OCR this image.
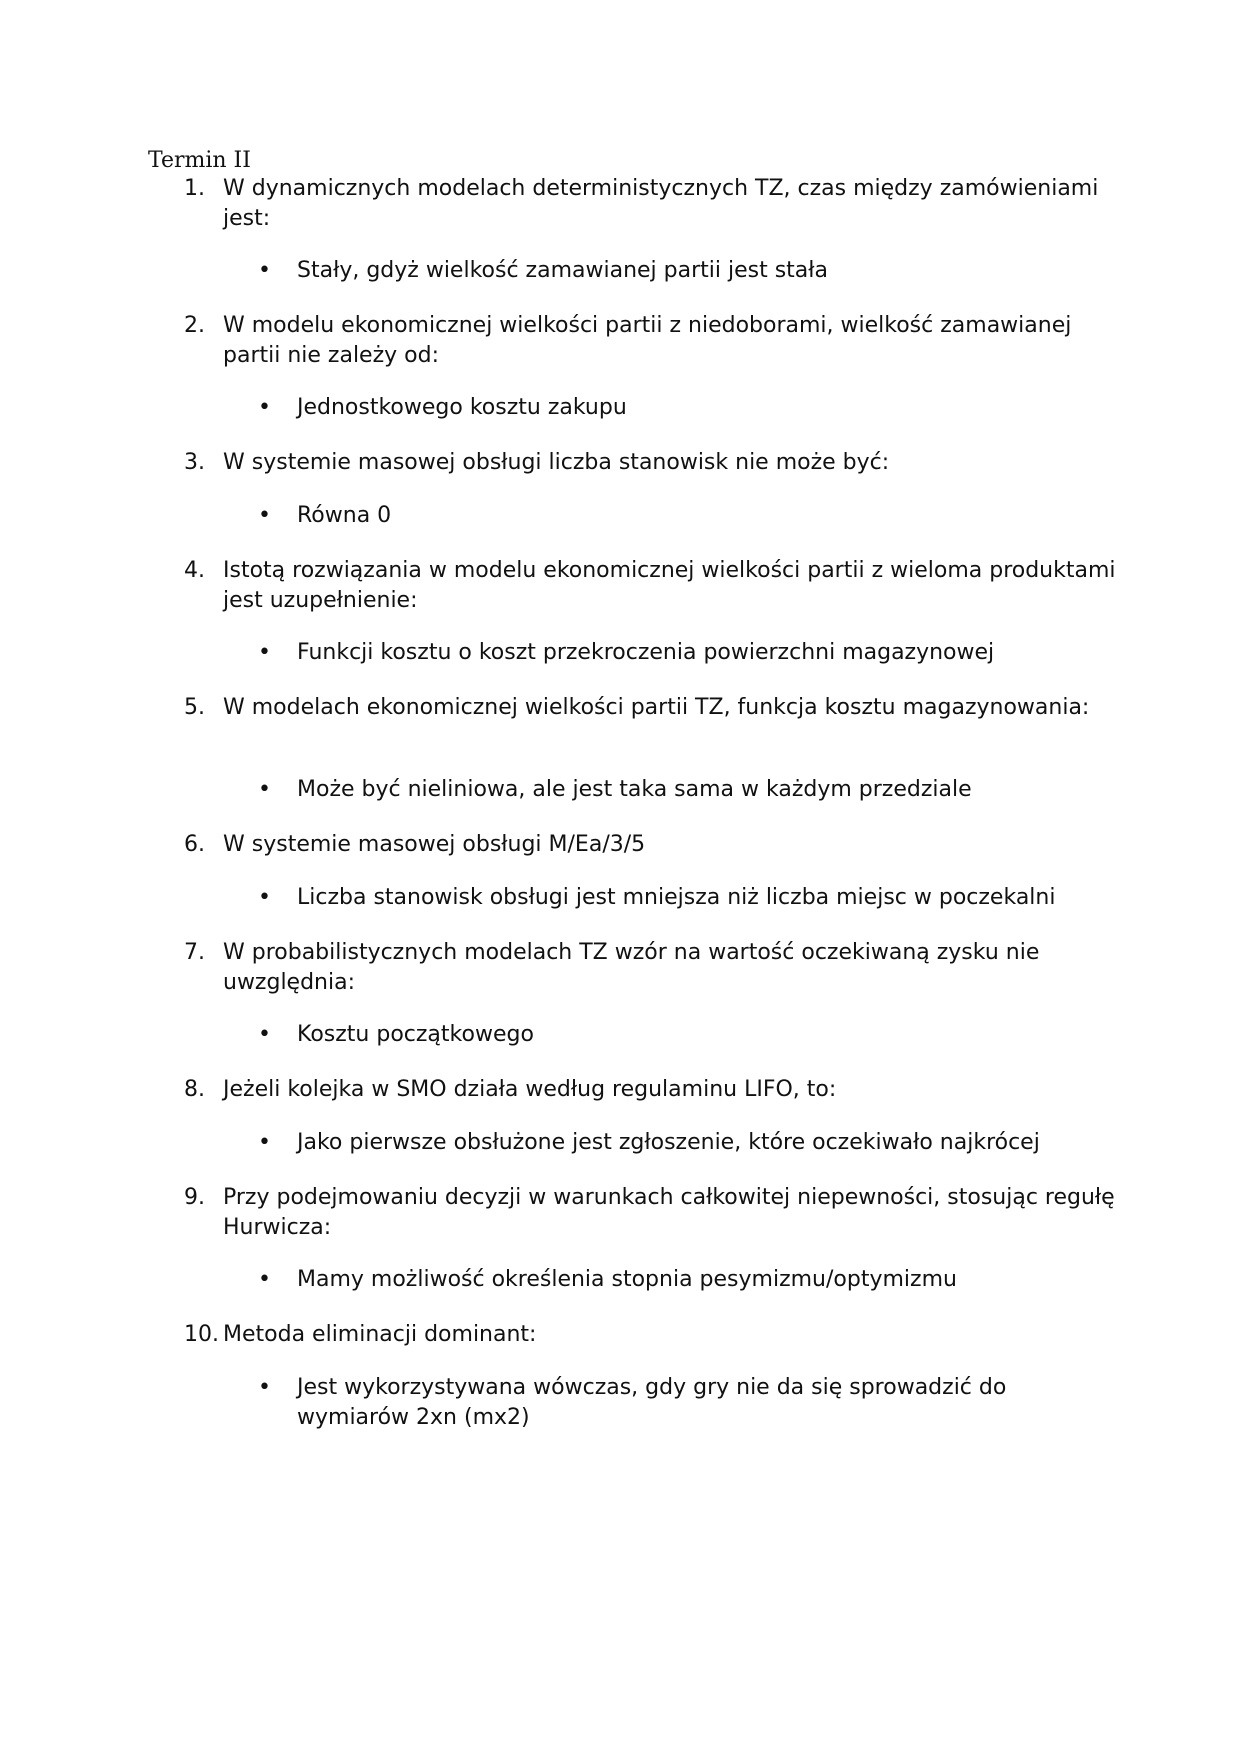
Termin II
1. W dynamicznych modelach deterministycznych TZ, czas między zamówieniami jest:
• Stały, gdyż wielkość zamawianej partii jest stała
2. W modelu ekonomicznej wielkości partii z niedoborami, wielkość zamawianej partii nie zależy od:
• Jednostkowego kosztu zakupu
3. W systemie masowej obsługi liczba stanowisk nie może być:
• Równa 0
4. Istotą rozwiązania w modelu ekonomicznej wielkości partii z wieloma produktami jest uzupełnienie:
• Funkcji kosztu o koszt przekroczenia powierzchni magazynowej
5. W modelach ekonomicznej wielkości partii TZ, funkcja kosztu magazynowania:
• Może być nieliniowa, ale jest taka sama w każdym przedziale
6. W systemie masowej obsługi M/Ea/3/5
• Liczba stanowisk obsługi jest mniejsza niż liczba miejsc w poczekalni
7. W probabilistycznych modelach TZ wzór na wartość oczekiwaną zysku nie uwzględnia:
• Kosztu początkowego
8. Jeżeli kolejka w SMO działa według regulaminu LIFO, to:
• Jako pierwsze obsłużone jest zgłoszenie, które oczekiwało najkrócej
9. Przy podejmowaniu decyzji w warunkach całkowitej niepewności, stosując regułę Hurwicza:
• Mamy możliwość określenia stopnia pesymizmu/optymizmu
10. Metoda eliminacji dominant:
• Jest wykorzystywana wówczas, gdy gry nie da się sprowadzić do wymiarów 2xn (mx2)
